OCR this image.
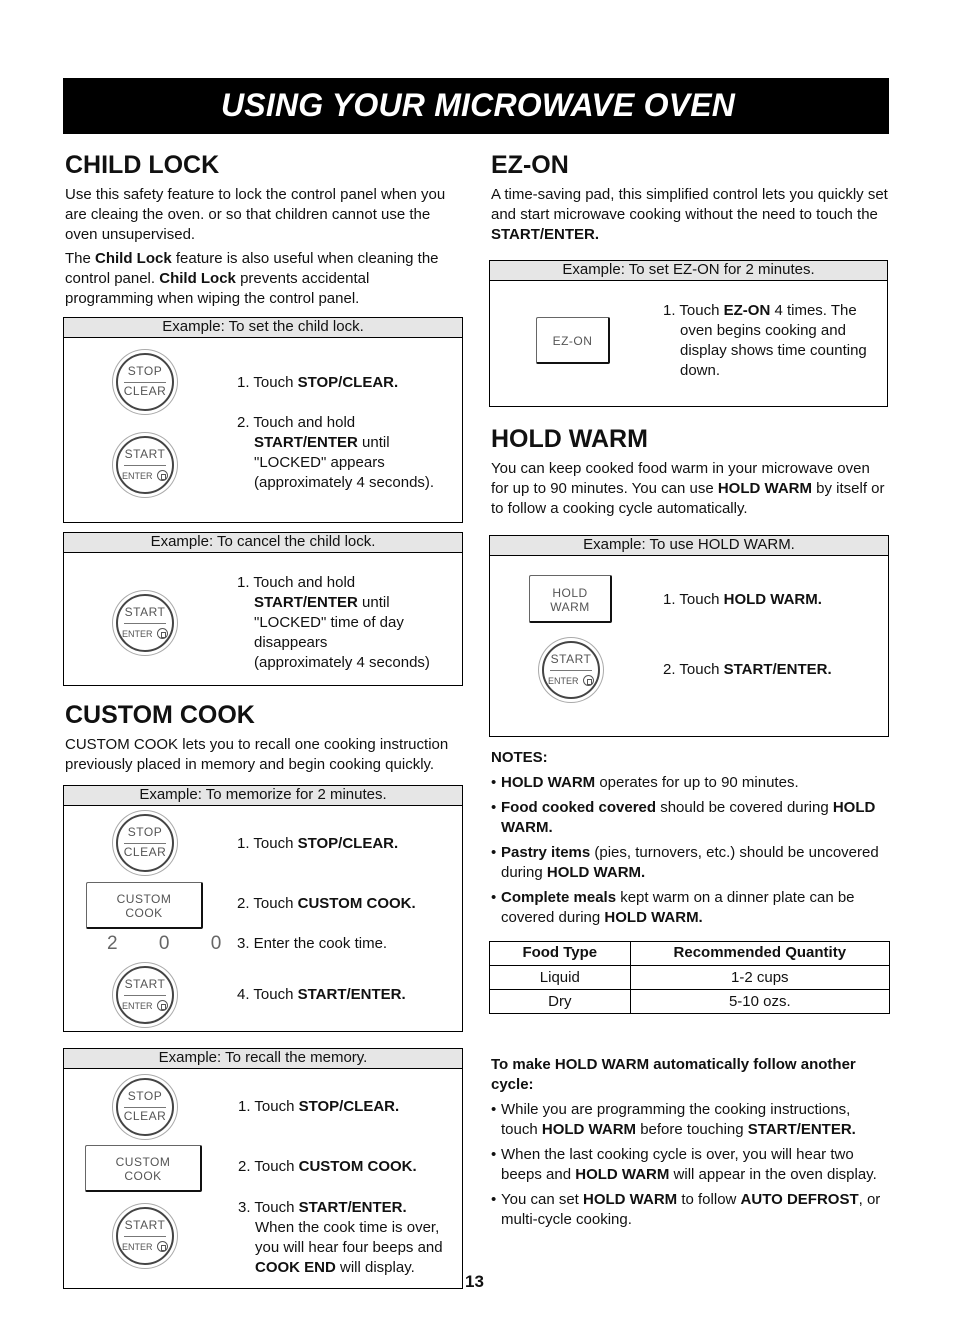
USING YOUR MICROWAVE OVEN
CHILD LOCK

Use this safety feature to lock the control panel when you are cleaing the oven. or so that children cannot use the oven unsupervised.

The Child Lock feature is also useful when cleaning the control panel. Child Lock prevents accidental programming when wiping the control panel.

Example: To set the child lock.
STOP
CLEAR	1. Touch STOP/CLEAR.
START
ENTER
2. Touch and hold
START/ENTER until
"LOCKED" appears
(approximately 4 seconds).
Example: To cancel the child lock.
START
ENTER
1. Touch and hold
START/ENTER until
"LOCKED" time of day
disappears
(approximately 4 seconds)
CUSTOM COOK

CUSTOM COOK lets you to recall one cooking instruction previously placed in memory and begin cooking quickly.

Example: To memorize for 2 minutes.
STOP
CLEAR	1. Touch STOP/CLEAR.
CUSTOM
COOK
2. Touch CUSTOM COOK.
2 0 0
3. Enter the cook time.
START
ENTER
4. Touch START/ENTER.
Example: To recall the memory.
STOP
CLEAR
1. Touch STOP/CLEAR.
CUSTOM
COOK
2. Touch CUSTOM COOK.
START
ENTER
3. Touch START/ENTER.
When the cook time is over,
you will hear four beeps and
COOK END will display.
13
EZ-ON

A time-saving pad, this simplified control lets you quickly set and start microwave cooking without the need to touch the START/ENTER.

Example: To set EZ-ON for 2 minutes.
EZ-ON
1. Touch EZ-ON 4 times. The
oven begins cooking and
display shows time counting
down.
HOLD WARM

You can keep cooked food warm in your microwave oven for up to 90 minutes. You can use HOLD WARM by itself or to follow a cooking cycle automatically.

Example: To use HOLD WARM.
HOLD
WARM	1. Touch HOLD WARM.
START
ENTER
2. Touch START/ENTER.
NOTES:
• HOLD WARM operates for up to 90 minutes.
• Food cooked covered should be covered during HOLD WARM.
• Pastry items (pies, turnovers, etc.) should be uncovered during HOLD WARM.
• Complete meals kept warm on a dinner plate can be covered during HOLD WARM.
Food Type	Recommended Quantity
Liquid	1-2 cups
Dry	5-10 ozs.
To make HOLD WARM automatically follow another cycle:
• While you are programming the cooking instructions, touch HOLD WARM before touching START/ENTER.
• When the last cooking cycle is over, you will hear two beeps and HOLD WARM will appear in the oven display.
• You can set HOLD WARM to follow AUTO DEFROST, or multi-cycle cooking.
